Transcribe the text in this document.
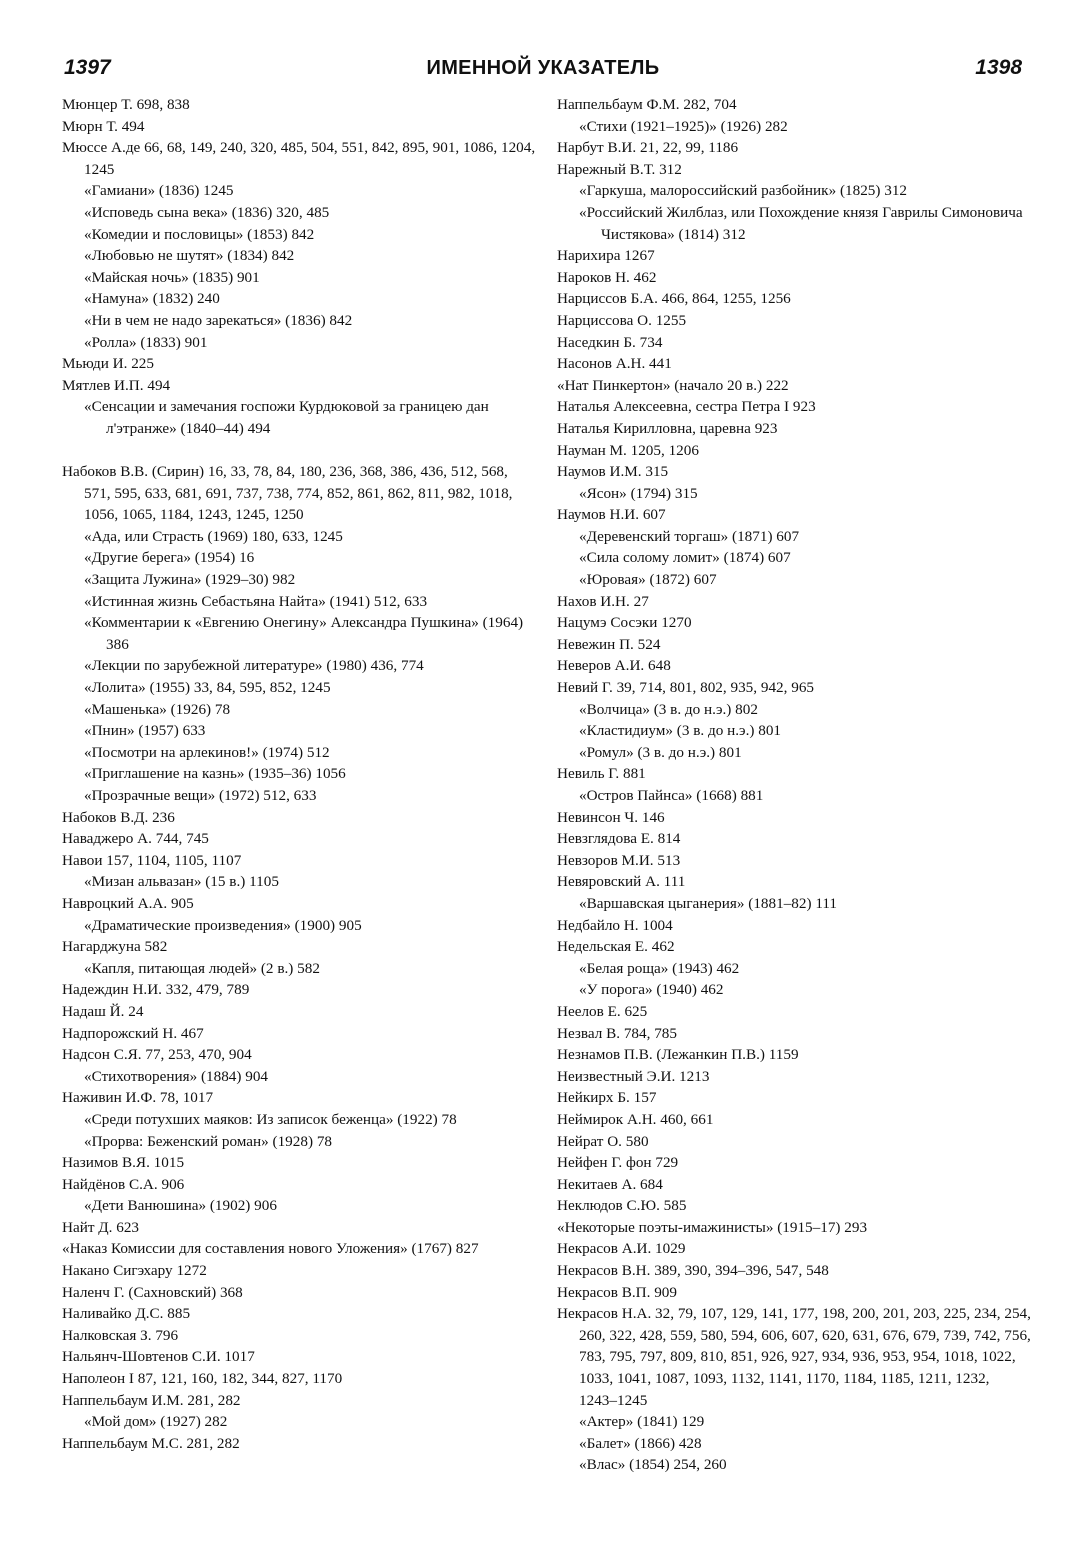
1397	ИМЕННОЙ УКАЗАТЕЛЬ	1398
Мюнцер Т. 698, 838
Мюрн Т. 494
Мюссе А.де 66, 68, 149, 240, 320, 485, 504, 551, 842, 895, 901, 1086, 1204, 1245
«Гамиани» (1836) 1245
«Исповедь сына века» (1836) 320, 485
«Комедии и пословицы» (1853) 842
«Любовью не шутят» (1834) 842
«Майская ночь» (1835) 901
«Намуна» (1832) 240
«Ни в чем не надо зарекаться» (1836) 842
«Ролла» (1833) 901
Мьюди И. 225
Мятлев И.П. 494
«Сенсации и замечания госпожи Курдюковой за границею дан л'этранже» (1840–44) 494
Набоков В.В. (Сирин) 16, 33, 78, 84, 180, 236, 368, 386, 436, 512, 568, 571, 595, 633, 681, 691, 737, 738, 774, 852, 861, 862, 811, 982, 1018, 1056, 1065, 1184, 1243, 1245, 1250
«Ада, или Страсть (1969) 180, 633, 1245
«Другие берега» (1954) 16
«Защита Лужина» (1929–30) 982
«Истинная жизнь Себастьяна Найта» (1941) 512, 633
«Комментарии к «Евгению Онегину» Александра Пушкина» (1964) 386
«Лекции по зарубежной литературе» (1980) 436, 774
«Лолита» (1955) 33, 84, 595, 852, 1245
«Машенька» (1926) 78
«Пнин» (1957) 633
«Посмотри на арлекинов!» (1974) 512
«Приглашение на казнь» (1935–36) 1056
«Прозрачные вещи» (1972) 512, 633
Набоков В.Д. 236
Наваджеро А. 744, 745
Навои 157, 1104, 1105, 1107
«Мизан альвазан» (15 в.) 1105
Навроцкий А.А. 905
«Драматические произведения» (1900) 905
Нагарджуна 582
«Капля, питающая людей» (2 в.) 582
Надеждин Н.И. 332, 479, 789
Надаш Й. 24
Надпорожский Н. 467
Надсон С.Я. 77, 253, 470, 904
«Стихотворения» (1884) 904
Наживин И.Ф. 78, 1017
«Среди потухших маяков: Из записок беженца» (1922) 78
«Прорва: Беженский роман» (1928) 78
Назимов В.Я. 1015
Найдёнов С.А. 906
«Дети Ванюшина» (1902) 906
Найт Д. 623
«Наказ Комиссии для составления нового Уложения» (1767) 827
Накано Сигэхару 1272
Наленч Г. (Сахновский) 368
Наливайко Д.С. 885
Налковская З. 796
Нальянч-Шовтенов С.И. 1017
Наполеон I 87, 121, 160, 182, 344, 827, 1170
Наппельбаум И.М. 281, 282
«Мой дом» (1927) 282
Наппельбаум М.С. 281, 282
Наппельбаум Ф.М. 282, 704
«Стихи (1921–1925)» (1926) 282
Нарбут В.И. 21, 22, 99, 1186
Нарежный В.Т. 312
«Гаркуша, малороссийский разбойник» (1825) 312
«Российский Жилблаз, или Похождение князя Гаврилы Симоновича Чистякова» (1814) 312
Нарихира 1267
Нароков Н. 462
Нарциссов Б.А. 466, 864, 1255, 1256
Нарциссова О. 1255
Наседкин Б. 734
Насонов А.Н. 441
«Нат Пинкертон» (начало 20 в.) 222
Наталья Алексеевна, сестра Петра I 923
Наталья Кирилловна, царевна 923
Науман М. 1205, 1206
Наумов И.М. 315
«Ясон» (1794) 315
Наумов Н.И. 607
«Деревенский торгаш» (1871) 607
«Сила солому ломит» (1874) 607
«Юровая» (1872) 607
Нахов И.Н. 27
Нацумэ Сосэки 1270
Невежин П. 524
Неверов А.И. 648
Невий Г. 39, 714, 801, 802, 935, 942, 965
«Волчица» (3 в. до н.э.) 802
«Кластидиум» (3 в. до н.э.) 801
«Ромул» (3 в. до н.э.) 801
Невиль Г. 881
«Остров Пайнса» (1668) 881
Невинсон Ч. 146
Невзглядова Е. 814
Невзоров М.И. 513
Невяровский А. 111
«Варшавская цыганерия» (1881–82) 111
Недбайло Н. 1004
Недельская Е. 462
«Белая роща» (1943) 462
«У порога» (1940) 462
Неелов Е. 625
Незвал В. 784, 785
Незнамов П.В. (Лежанкин П.В.) 1159
Неизвестный Э.И. 1213
Нейкирх Б. 157
Неймирок А.Н. 460, 661
Нейрат О. 580
Нейфен Г. фон 729
Некитаев А. 684
Неклюдов С.Ю. 585
«Некоторые поэты-имажинисты» (1915–17) 293
Некрасов А.И. 1029
Некрасов В.Н. 389, 390, 394–396, 547, 548
Некрасов В.П. 909
Некрасов Н.А. 32, 79, 107, 129, 141, 177, 198, 200, 201, 203, 225, 234, 254, 260, 322, 428, 559, 580, 594, 606, 607, 620, 631, 676, 679, 739, 742, 756, 783, 795, 797, 809, 810, 851, 926, 927, 934, 936, 953, 954, 1018, 1022, 1033, 1041, 1087, 1093, 1132, 1141, 1170, 1184, 1185, 1211, 1232, 1243–1245
«Актер» (1841) 129
«Балет» (1866) 428
«Влас» (1854) 254, 260
